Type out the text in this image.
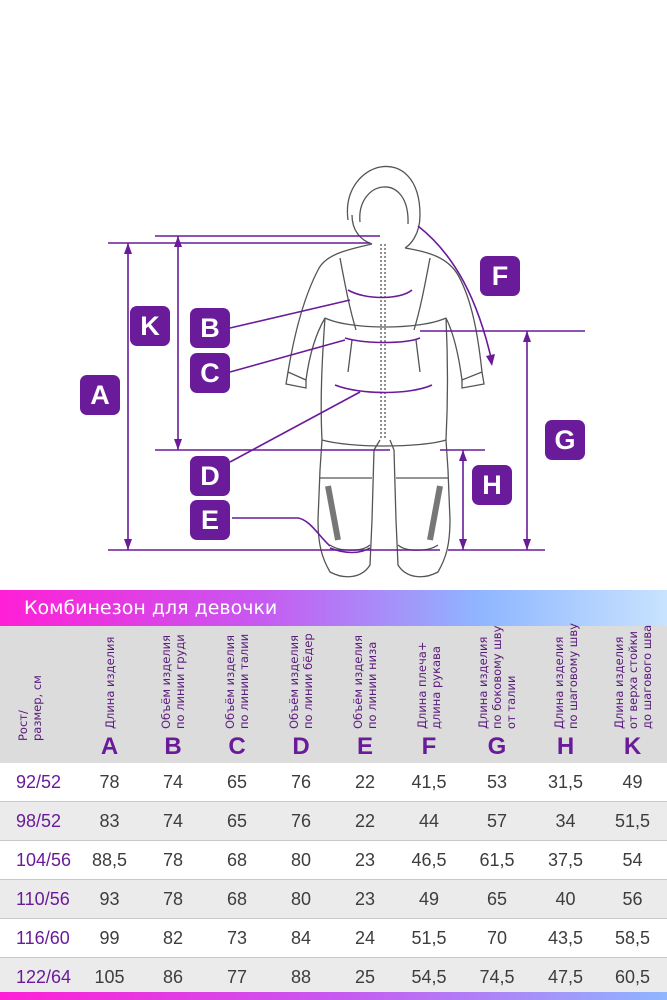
A
K	B
C
D
E
F
G
H
Комбинезон для девочки
Рост/
размер, см	Длина изделия
A
Объём изделия
по линии груди
B
Объём изделия
по линии талии
C
Объём изделия
по линии бёдер
D
Объём изделия
по линии низа
E
Длина плеча+
длина рукава
F
Длина изделия
по боковому шву
от талии
G
Длина изделия
по шаговому шву
H
Длина изделия
от верха стойки
до шагового шва
K
92/52	78	74	65	76	22	41,5	53	31,5	49
98/52	83	74	65	76	22	44	57	34	51,5
104/56	88,5	78	68	80	23	46,5	61,5	37,5	54
110/56	93	78	68	80	23	49	65	40	56
116/60	99	82	73	84	24	51,5	70	43,5	58,5
122/64	105	86	77	88	25	54,5	74,5	47,5	60,5
